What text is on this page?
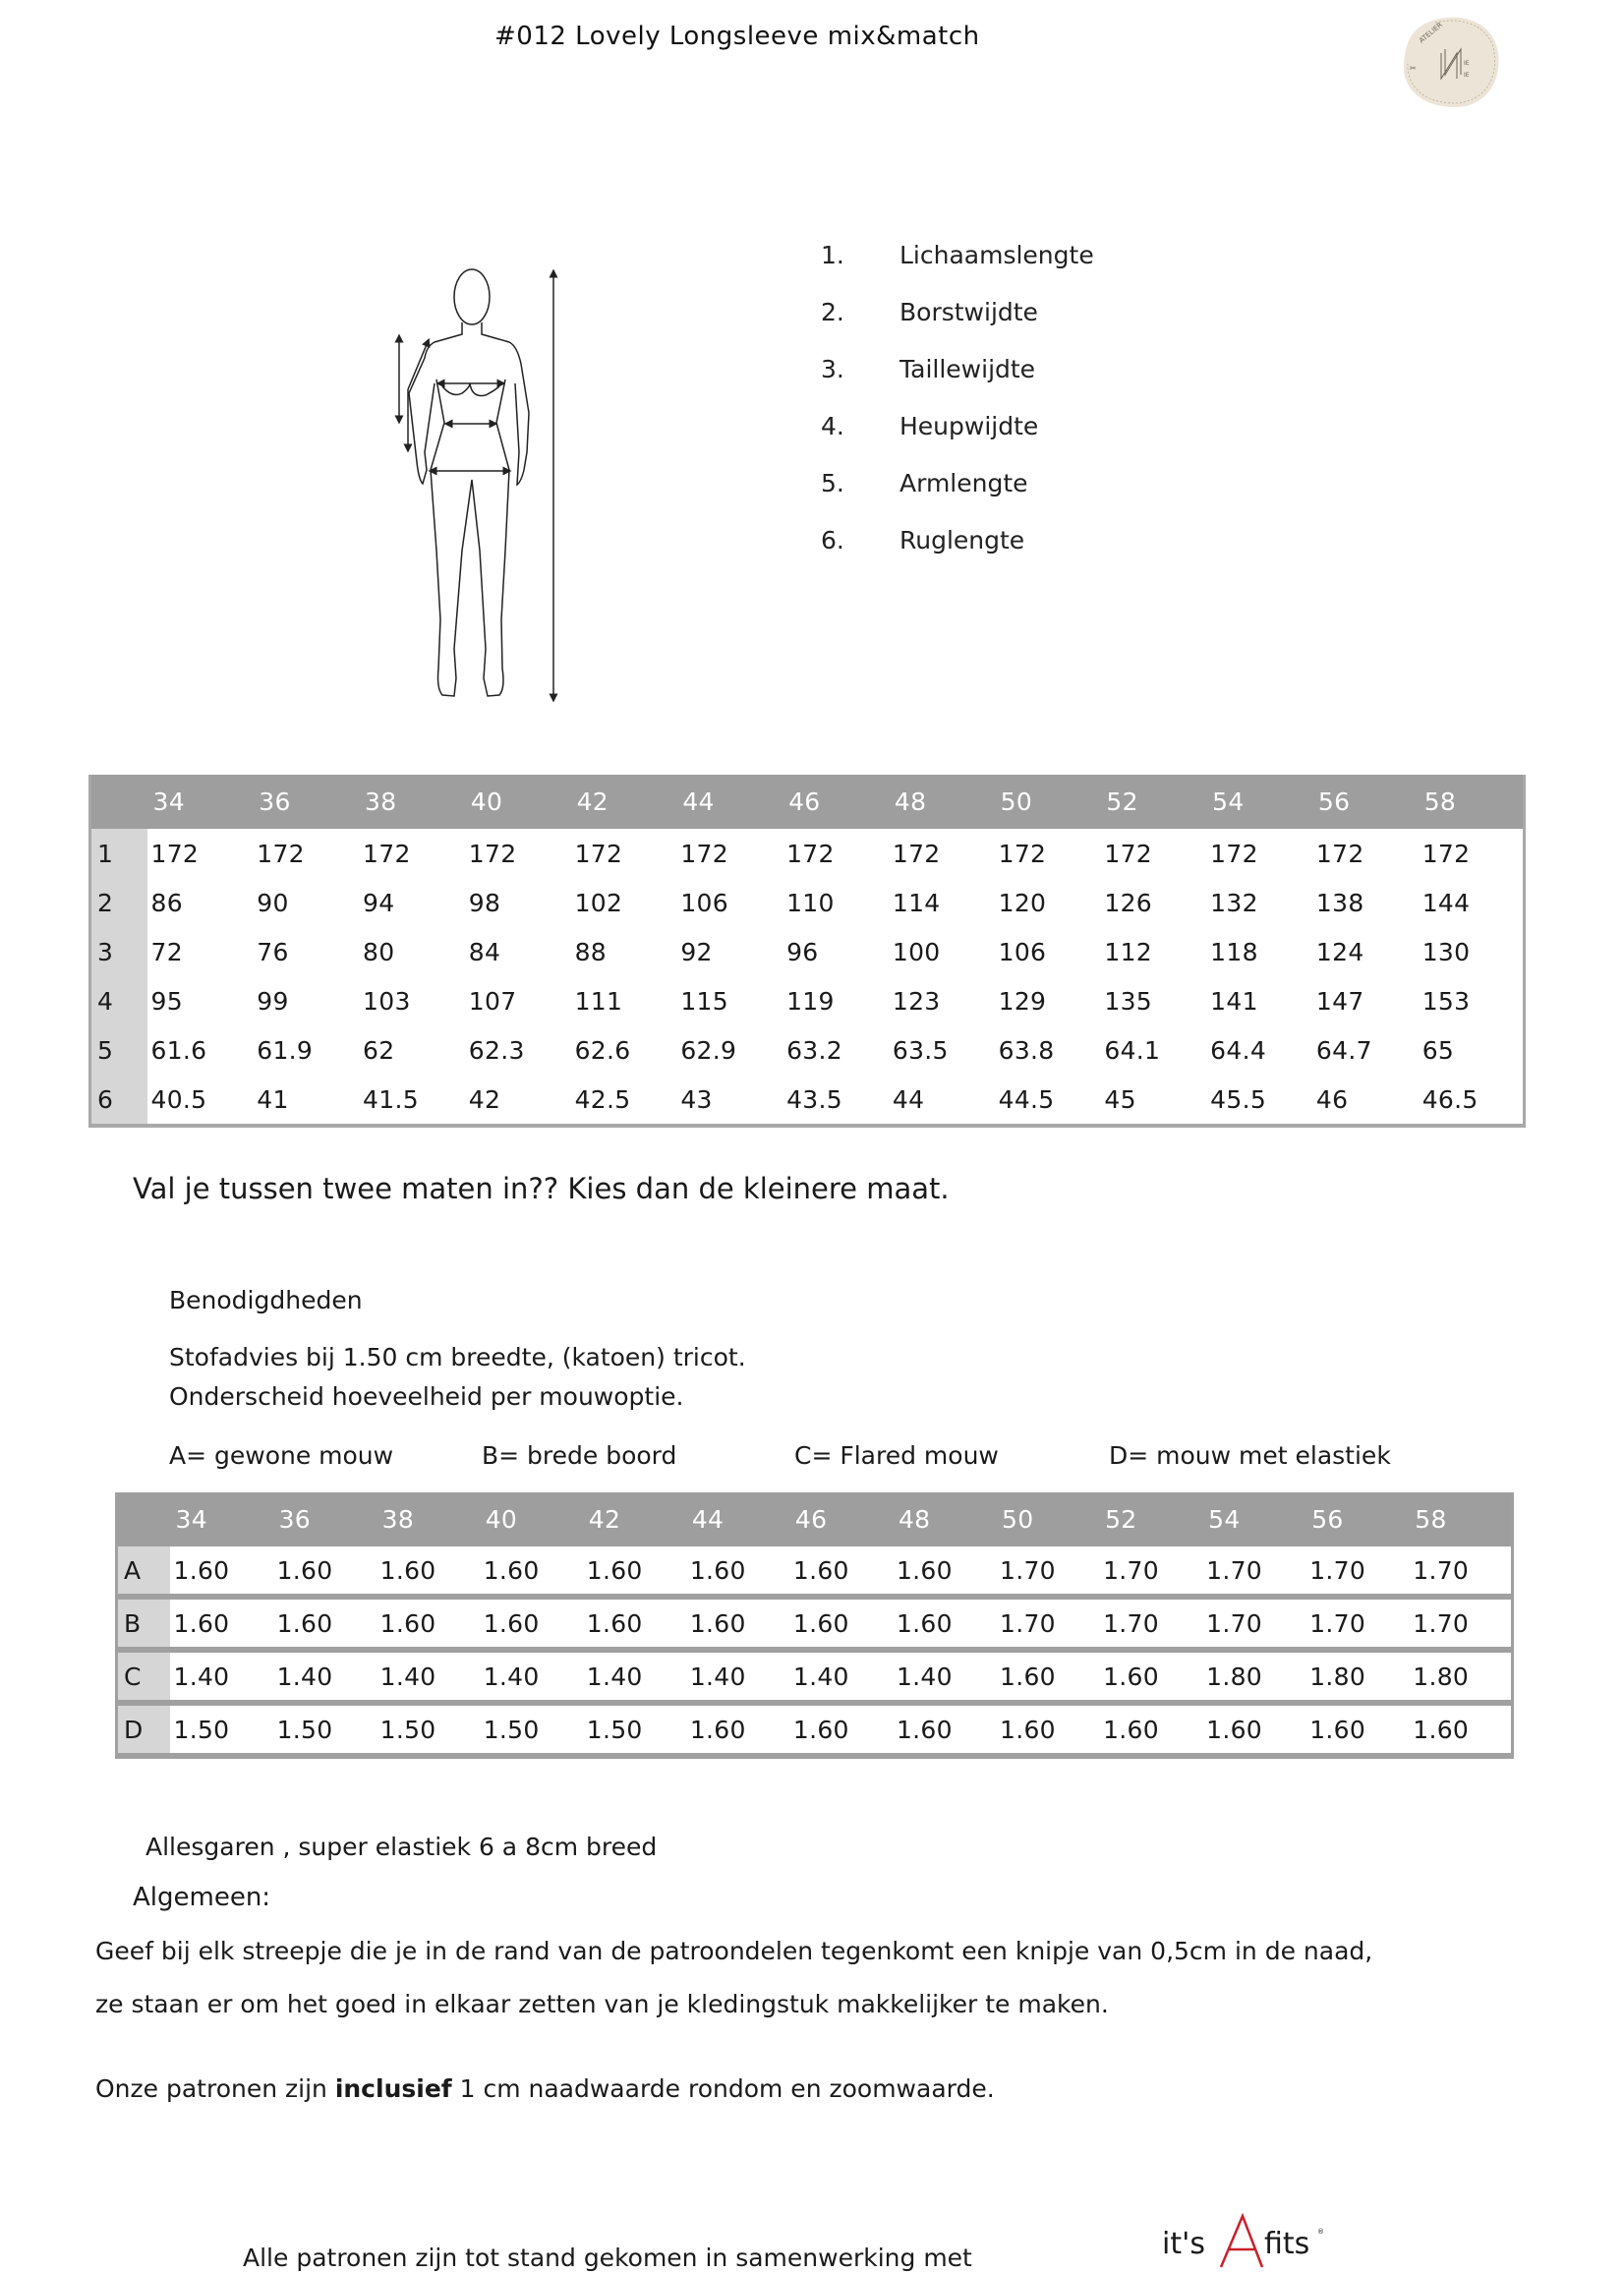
#012 Lovely Longsleeve mix&match	ATELIER
IE
IE
✂
1.	Lichaamslengte
2.	Borstwijdte
3.	Taillewijdte
4.	Heupwijdte
5.	Armlengte
6.	Ruglengte
	34	36	38	40	42	44	46	48	50	52	54	56	58
1	172	172	172	172	172	172	172	172	172	172	172	172	172
2	86	90	94	98	102	106	110	114	120	126	132	138	144
3	72	76	80	84	88	92	96	100	106	112	118	124	130
4	95	99	103	107	111	115	119	123	129	135	141	147	153
5	61.6	61.9	62	62.3	62.6	62.9	63.2	63.5	63.8	64.1	64.4	64.7	65
6	40.5	41	41.5	42	42.5	43	43.5	44	44.5	45	45.5	46	46.5
Val je tussen twee maten in?? Kies dan de kleinere maat.
Benodigdheden
Stofadvies bij 1.50 cm breedte, (katoen) tricot.
Onderscheid hoeveelheid per mouwoptie.
A= gewone mouw	B= brede boord	C= Flared mouw	D= mouw met elastiek
	34	36	38	40	42	44	46	48	50	52	54	56	58
A	1.60	1.60	1.60	1.60	1.60	1.60	1.60	1.60	1.70	1.70	1.70	1.70	1.70
B	1.60	1.60	1.60	1.60	1.60	1.60	1.60	1.60	1.70	1.70	1.70	1.70	1.70
C	1.40	1.40	1.40	1.40	1.40	1.40	1.40	1.40	1.60	1.60	1.80	1.80	1.80
D	1.50	1.50	1.50	1.50	1.50	1.60	1.60	1.60	1.60	1.60	1.60	1.60	1.60
Allesgaren , super elastiek 6 a 8cm breed
Algemeen:
Geef bij elk streepje die je in de rand van de patroondelen tegenkomt een knipje van 0,5cm in de naad,
ze staan er om het goed in elkaar zetten van je kledingstuk makkelijker te maken.
Onze patronen zijn inclusief 1 cm naadwaarde rondom en zoomwaarde.
Alle patronen zijn tot stand gekomen in samenwerking met	it's fits ®
